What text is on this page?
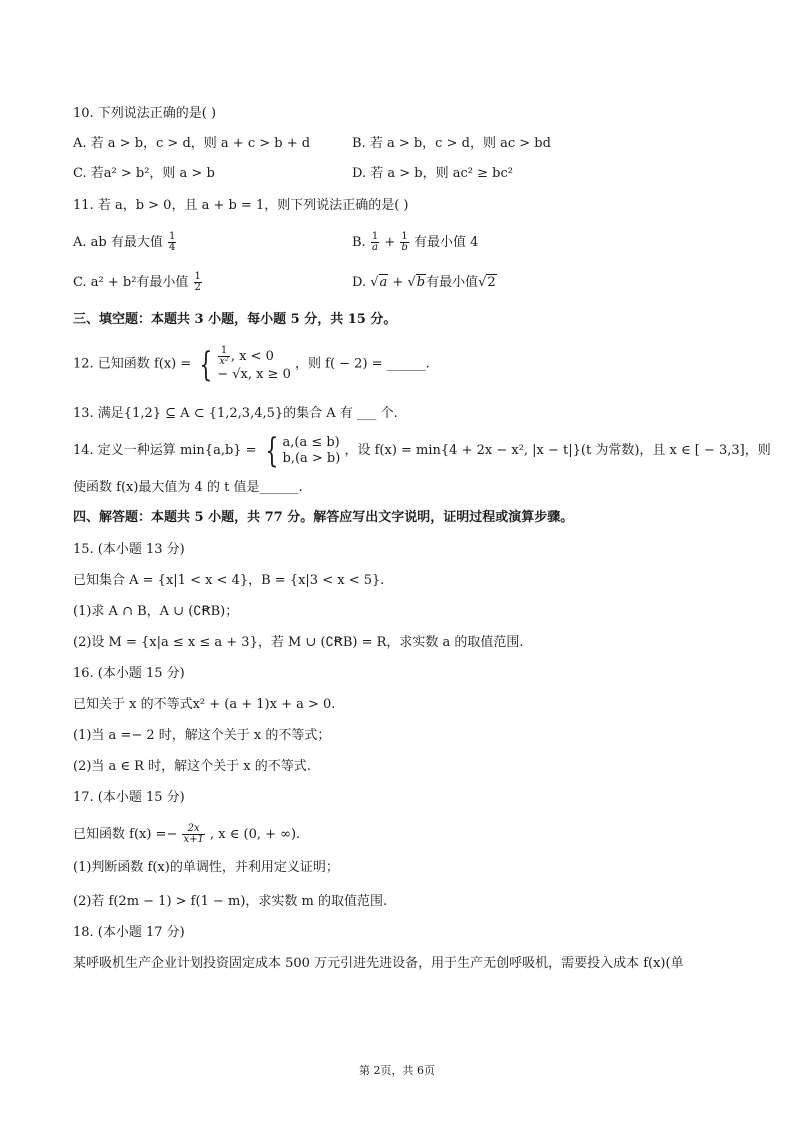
10. 下列说法正确的是( )
A. 若 a > b，c > d，则 a + c > b + d	B. 若 a > b，c > d，则 ac > bd
C. 若a² > b²，则 a > b	D. 若 a > b，则 ac² ≥ bc²
11. 若 a，b > 0，且 a + b = 1，则下列说法正确的是( )
A. ab 有最大值 $\frac{1}{4}$	B. $\frac{1}{a} + \frac{1}{b}$ 有最小值 4
C. a² + b²有最小值 $\frac{1}{2}$	D. √a + √b有最小值√2
三、填空题：本题共 3 小题，每小题 5 分，共 15 分。
12. 已知函数 f(x) = { $\frac{1}{\text{x²}}$ , x < 0
− √x, x ≥ 0
，则 f( − 2) = ______.
13. 满足{1,2} ⊆ A ⊂ {1,2,3,4,5}的集合 A 有 ___ 个.
14. 定义一种运算 min{a,b} = { a,(a ≤ b)
b,(a > b)
，设 f(x) = min{4 + 2x − x², |x − t|}(t 为常数)，且 x ∈ [ − 3,3]，则
使函数 f(x)最大值为 4 的 t 值是______.
四、解答题：本题共 5 小题，共 77 分。解答应写出文字说明，证明过程或演算步骤。
15. (本小题 13 分)
已知集合 A = {x|1 < x < 4}，B = {x|3 < x < 5}.
(1)求 A ∩ B，A ∪ (∁ꞦB)；
(2)设 M = {x|a ≤ x ≤ a + 3}，若 M ∪ (∁ꞦB) = R，求实数 a 的取值范围.
16. (本小题 15 分)
已知关于 x 的不等式x² + (a + 1)x + a > 0.
(1)当 a =− 2 时，解这个关于 x 的不等式；
(2)当 a ∈ R 时，解这个关于 x 的不等式.
17. (本小题 15 分)
已知函数 $f(x) =- \frac{2x}{x+1}$ , x ∈ (0, + ∞).
(1)判断函数 f(x)的单调性，并利用定义证明；
(2)若 f(2m − 1) > f(1 − m)，求实数 m 的取值范围.
18. (本小题 17 分)
某呼吸机生产企业计划投资固定成本 500 万元引进先进设备，用于生产无创呼吸机，需要投入成本 f(x)(单
第 2页，共 6页
